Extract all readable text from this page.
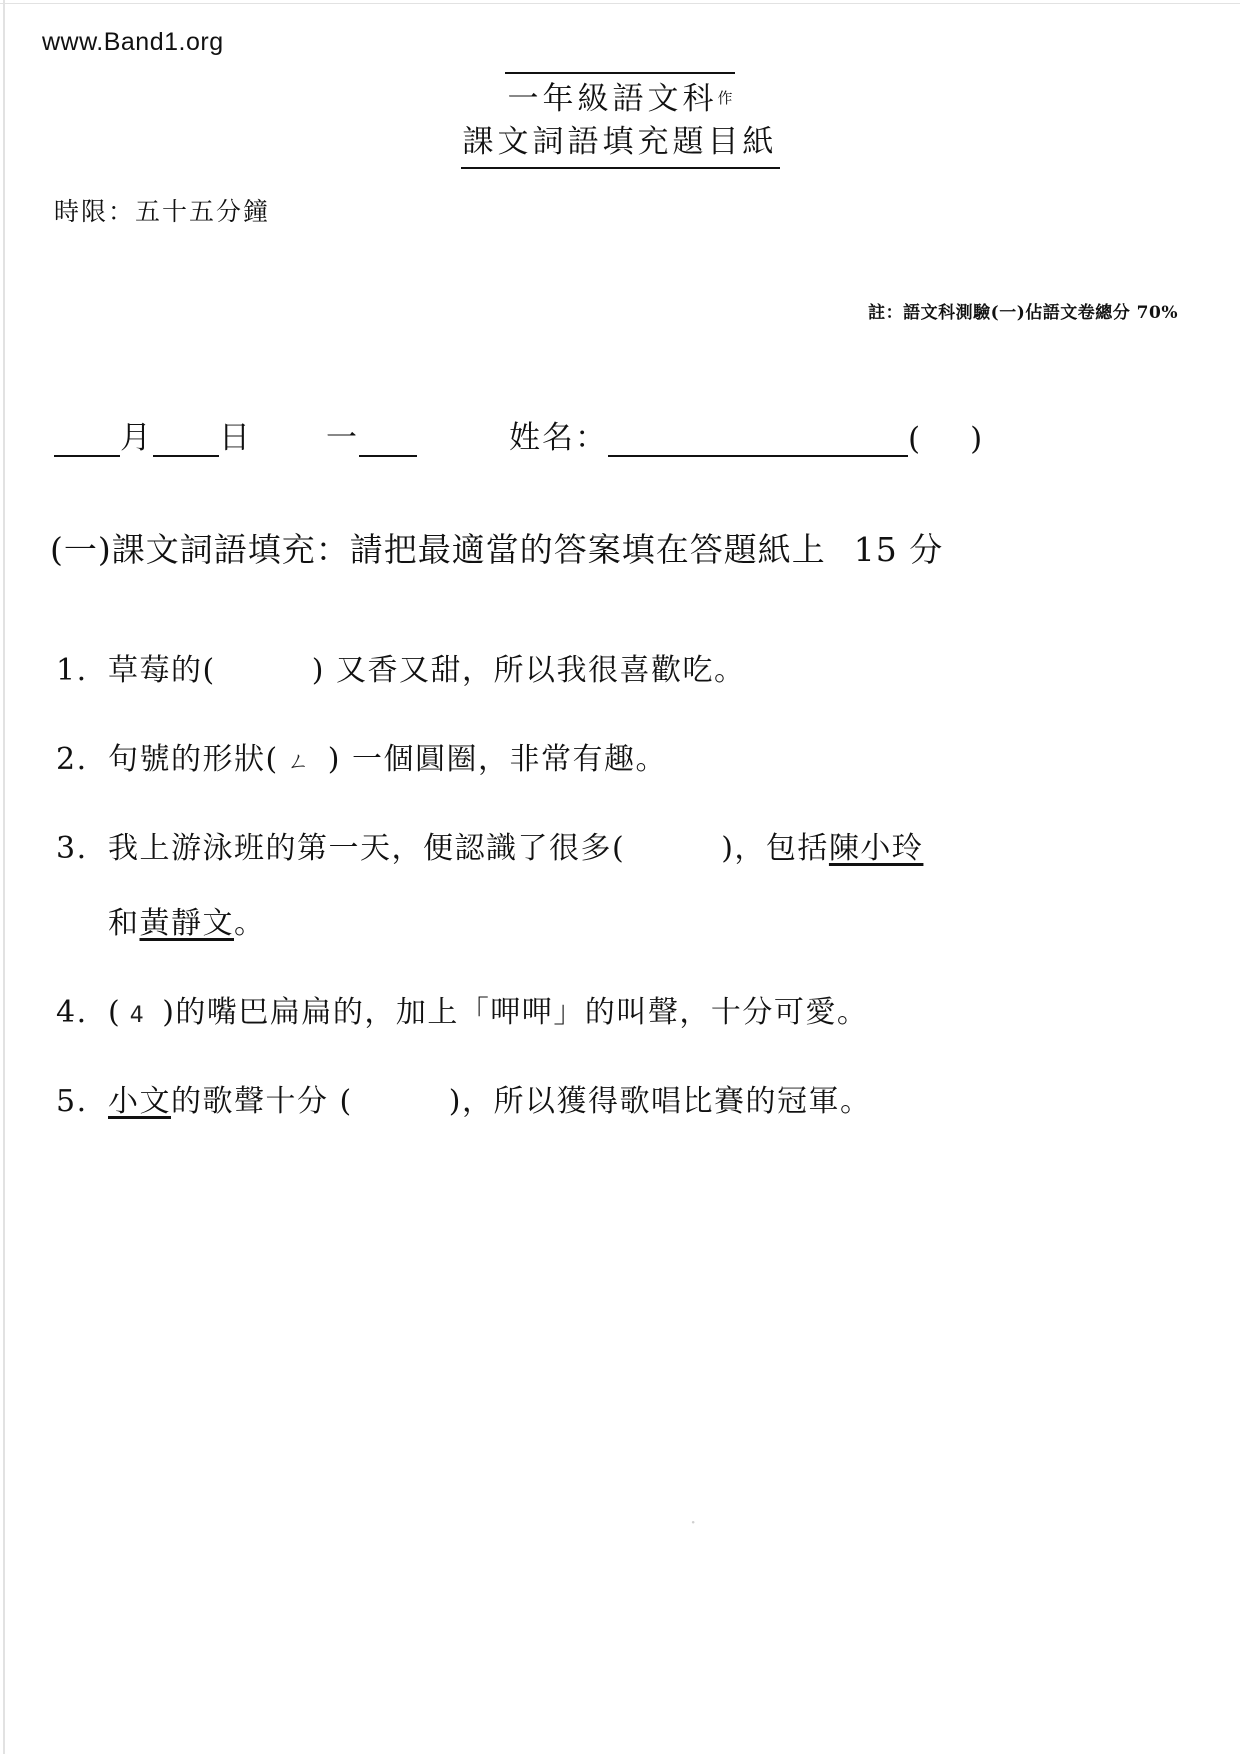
www.Band1.org
一年級語文科作
課文詞語填充題目紙
時限：五十五分鐘
註：語文科測驗(一)佔語文卷總分 70%
月 日 一	姓名：	( )
(一)課文詞語填充：請把最適當的答案填在答題紙上 15 分
1. 草莓的(	) 又香又甜，所以我很喜歡吃。
2. 句號的形狀( ㄥ  ) 一個圓圈，非常有趣。
3. 我上游泳班的第一天，便認識了很多(	)，包括陳小玲
和黃靜文。
4. ( 4  )的嘴巴扁扁的，加上「呷呷」的叫聲，十分可愛。
5. 小文的歌聲十分 (	)，所以獲得歌唱比賽的冠軍。
·
